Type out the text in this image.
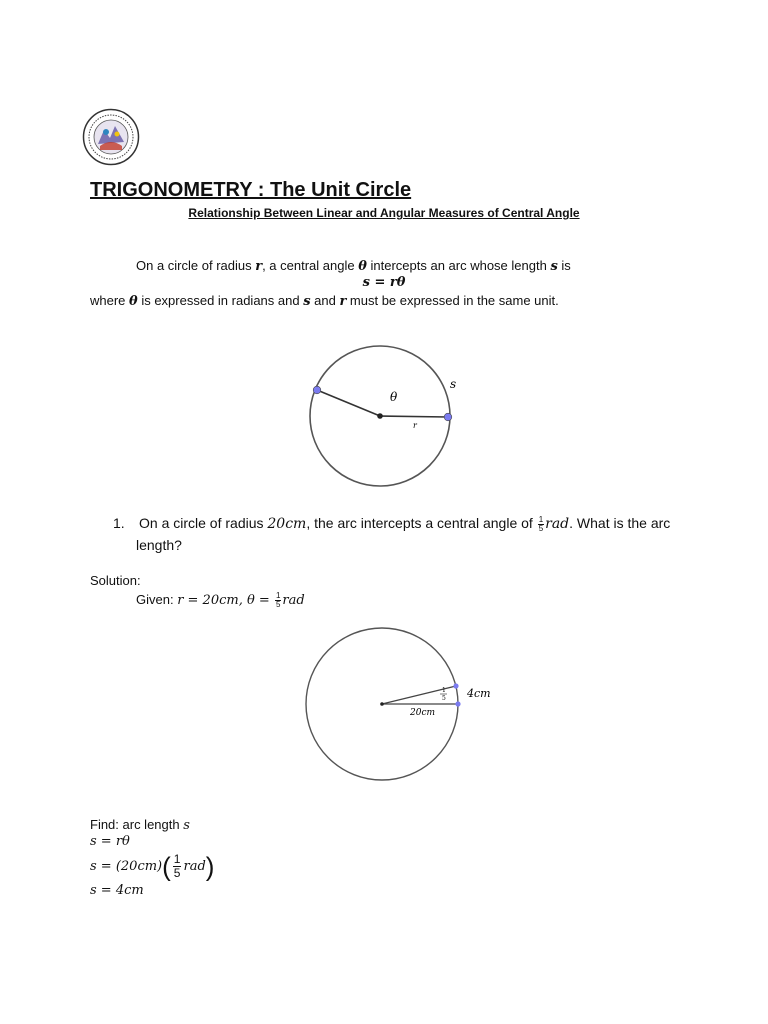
TRIGONOMETRY : The Unit Circle
Relationship Between Linear and Angular Measures of Central Angle
On a circle of radius r, a central angle θ intercepts an arc whose length s is
s = rθ
where θ is expressed in radians and s and r must be expressed in the same unit.
θ
s
r
1. On a circle of radius 20cm, the arc intercepts a central angle of $\frac{1}{5}$ rad. What is the arc
length?
Solution:
Given: r = 20cm, $\theta = \frac{1}{5}$ rad
4cm
20cm
1
5
Find: arc length s
s = rθ
$s = (20cm)( \frac{1}{5} rad)$
s = 4cm
